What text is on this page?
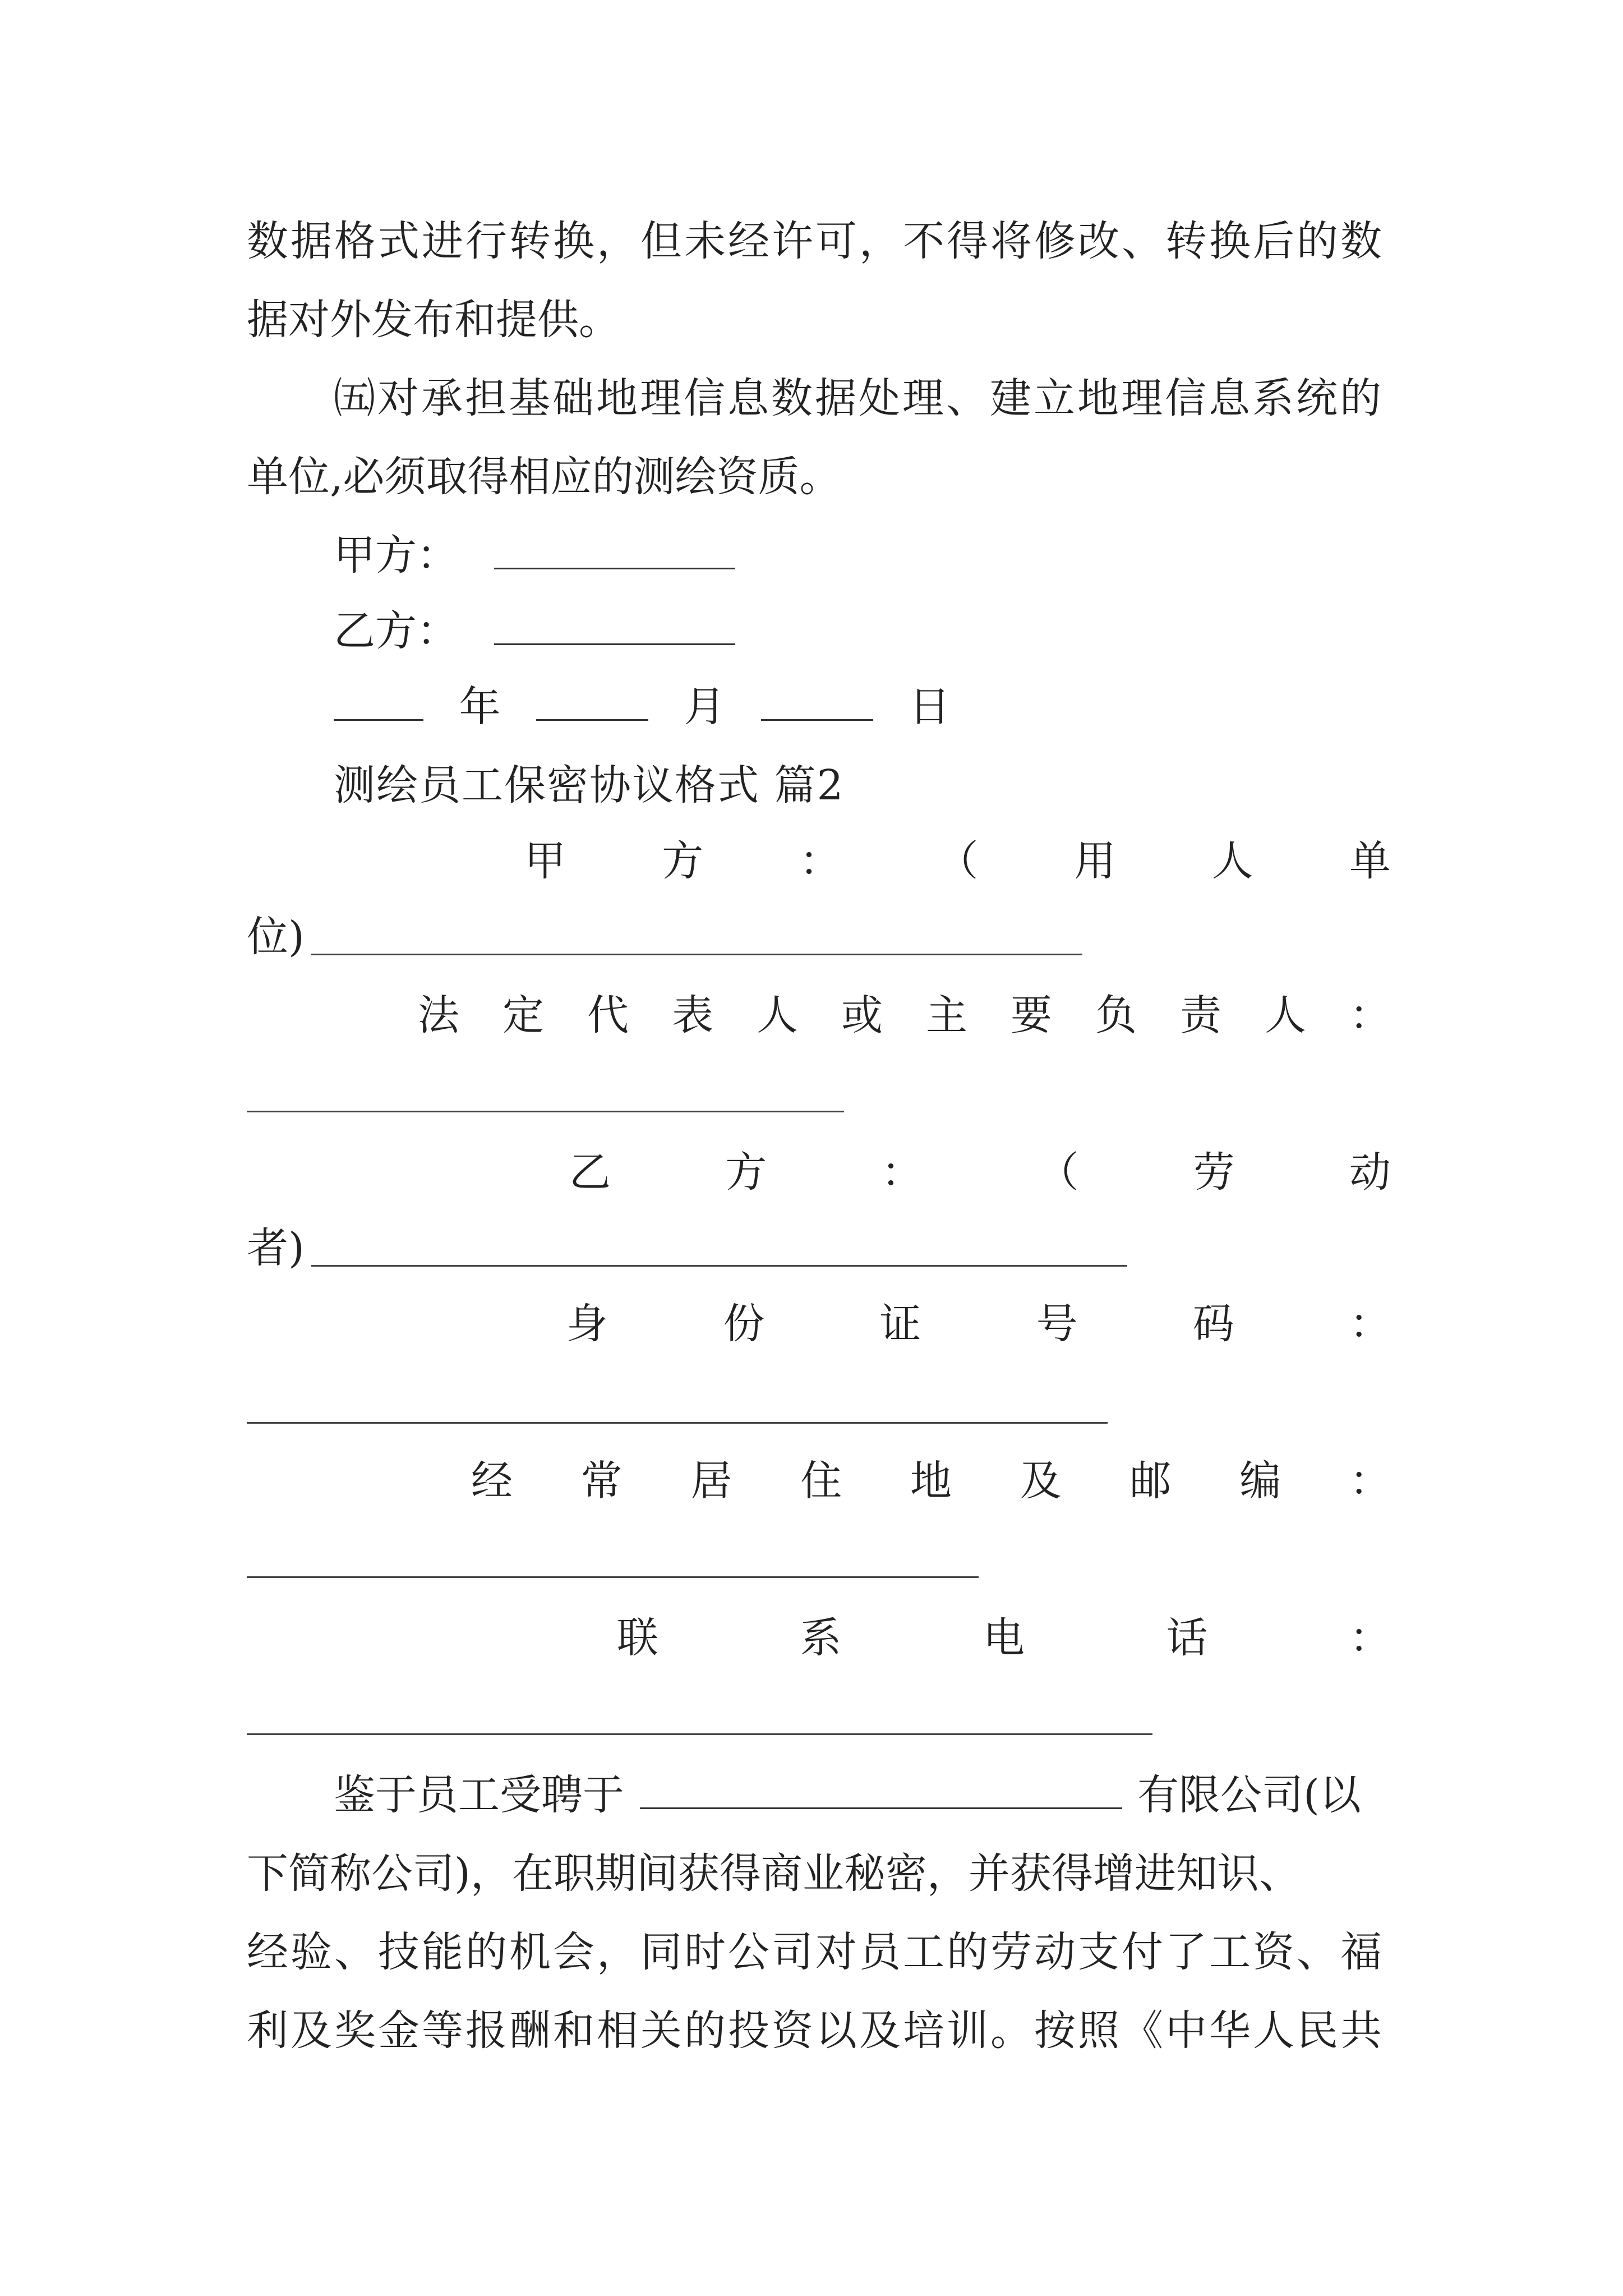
数据格式进行转换，但未经许可，不得将修改、转换后的数
据对外发布和提供。
㈤对承担基础地理信息数据处理、建立地理信息系统的
单位,必须取得相应的测绘资质。
甲方：
乙方：
年	月	日
测绘员工保密协议格式 篇2
甲 方 ： （ 用 人 单
位)
法 定 代 表 人 或 主 要 负 责 人 ：
乙	方	：	（	劳	动
者)
身	份	证	号	码	：
经 常 居 住 地 及 邮 编 ：
联	系	电	话	：
鉴于员工受聘于	有限公司(以
下简称公司)，在职期间获得商业秘密，并获得增进知识、
经验、技能的机会，同时公司对员工的劳动支付了工资、福
利及奖金等报酬和相关的投资以及培训。按照《中华人民共
